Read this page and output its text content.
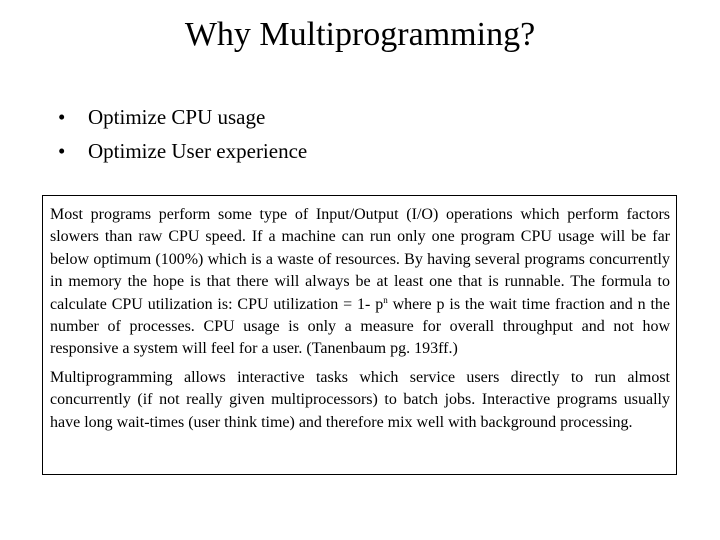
Why Multiprogramming?
•	Optimize CPU usage
•	Optimize User experience

Most programs perform some type of Input/Output (I/O) operations which perform factors slowers than raw CPU speed. If a machine can run only one program CPU usage will be far below optimum (100%) which is a waste of resources. By having several programs concurrently in memory the hope is that there will always be at least one that is runnable. The formula to calculate CPU utilization is: CPU utilization = 1- $p^n$ where p is the wait time fraction and n the number of processes. CPU usage is only a measure for overall throughput and not how responsive a system will feel for a user. (Tanenbaum pg. 193ff.)

Multiprogramming allows interactive tasks which service users directly to run almost concurrently (if not really given multiprocessors) to batch jobs. Interactive programs usually have long wait-times (user think time) and therefore mix well with background processing.
